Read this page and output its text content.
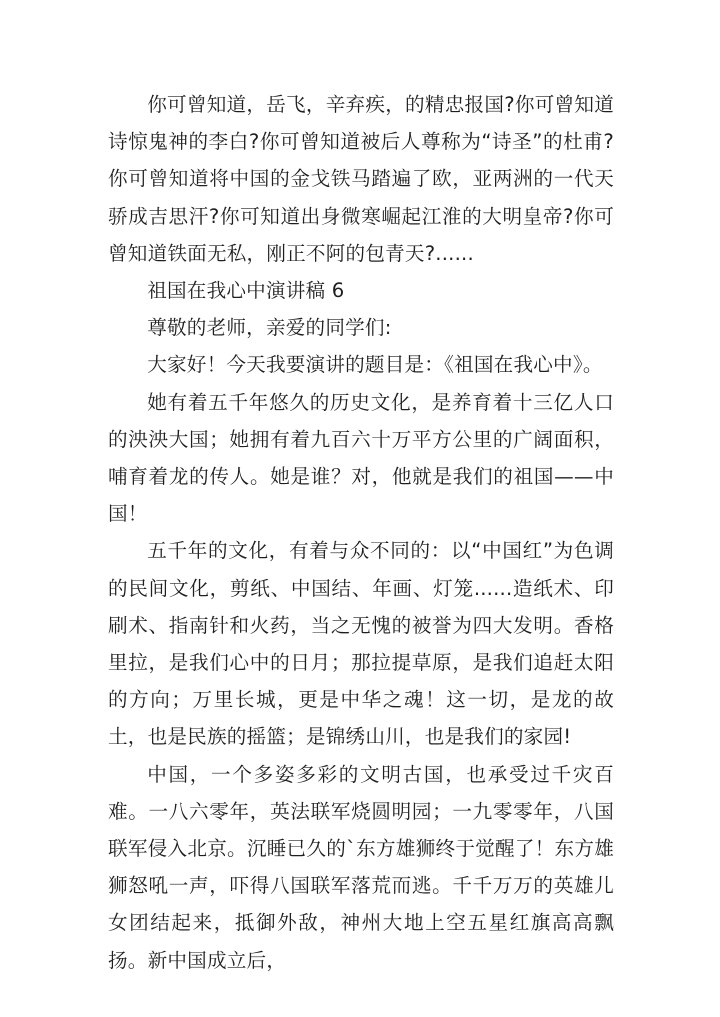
你可曾知道，岳飞，辛弃疾，的精忠报国?你可曾知道诗惊鬼神的李白?你可曾知道被后人尊称为“诗圣”的杜甫?你可曾知道将中国的金戈铁马踏遍了欧，亚两洲的一代天骄成吉思汗?你可知道出身微寒崛起江淮的大明皇帝?你可曾知道铁面无私，刚正不阿的包青天?......

祖国在我心中演讲稿 6

尊敬的老师，亲爱的同学们:

大家好！今天我要演讲的题目是：《祖国在我心中》。

她有着五千年悠久的历史文化，是养育着十三亿人口的泱泱大国；她拥有着九百六十万平方公里的广阔面积，哺育着龙的传人。她是谁？对，他就是我们的祖国——中国！

五千年的文化，有着与众不同的：以“中国红”为色调的民间文化，剪纸、中国结、年画、灯笼......造纸术、印刷术、指南针和火药，当之无愧的被誉为四大发明。香格里拉，是我们心中的日月；那拉提草原，是我们追赶太阳的方向；万里长城，更是中华之魂！这一切，是龙的故土，也是民族的摇篮；是锦绣山川，也是我们的家园!

中国，一个多姿多彩的文明古国，也承受过千灾百难。一八六零年，英法联军烧圆明园；一九零零年，八国联军侵入北京。沉睡已久的`东方雄狮终于觉醒了！东方雄狮怒吼一声，吓得八国联军落荒而逃。千千万万的英雄儿女团结起来，抵御外敌，神州大地上空五星红旗高高飘扬。新中国成立后，
